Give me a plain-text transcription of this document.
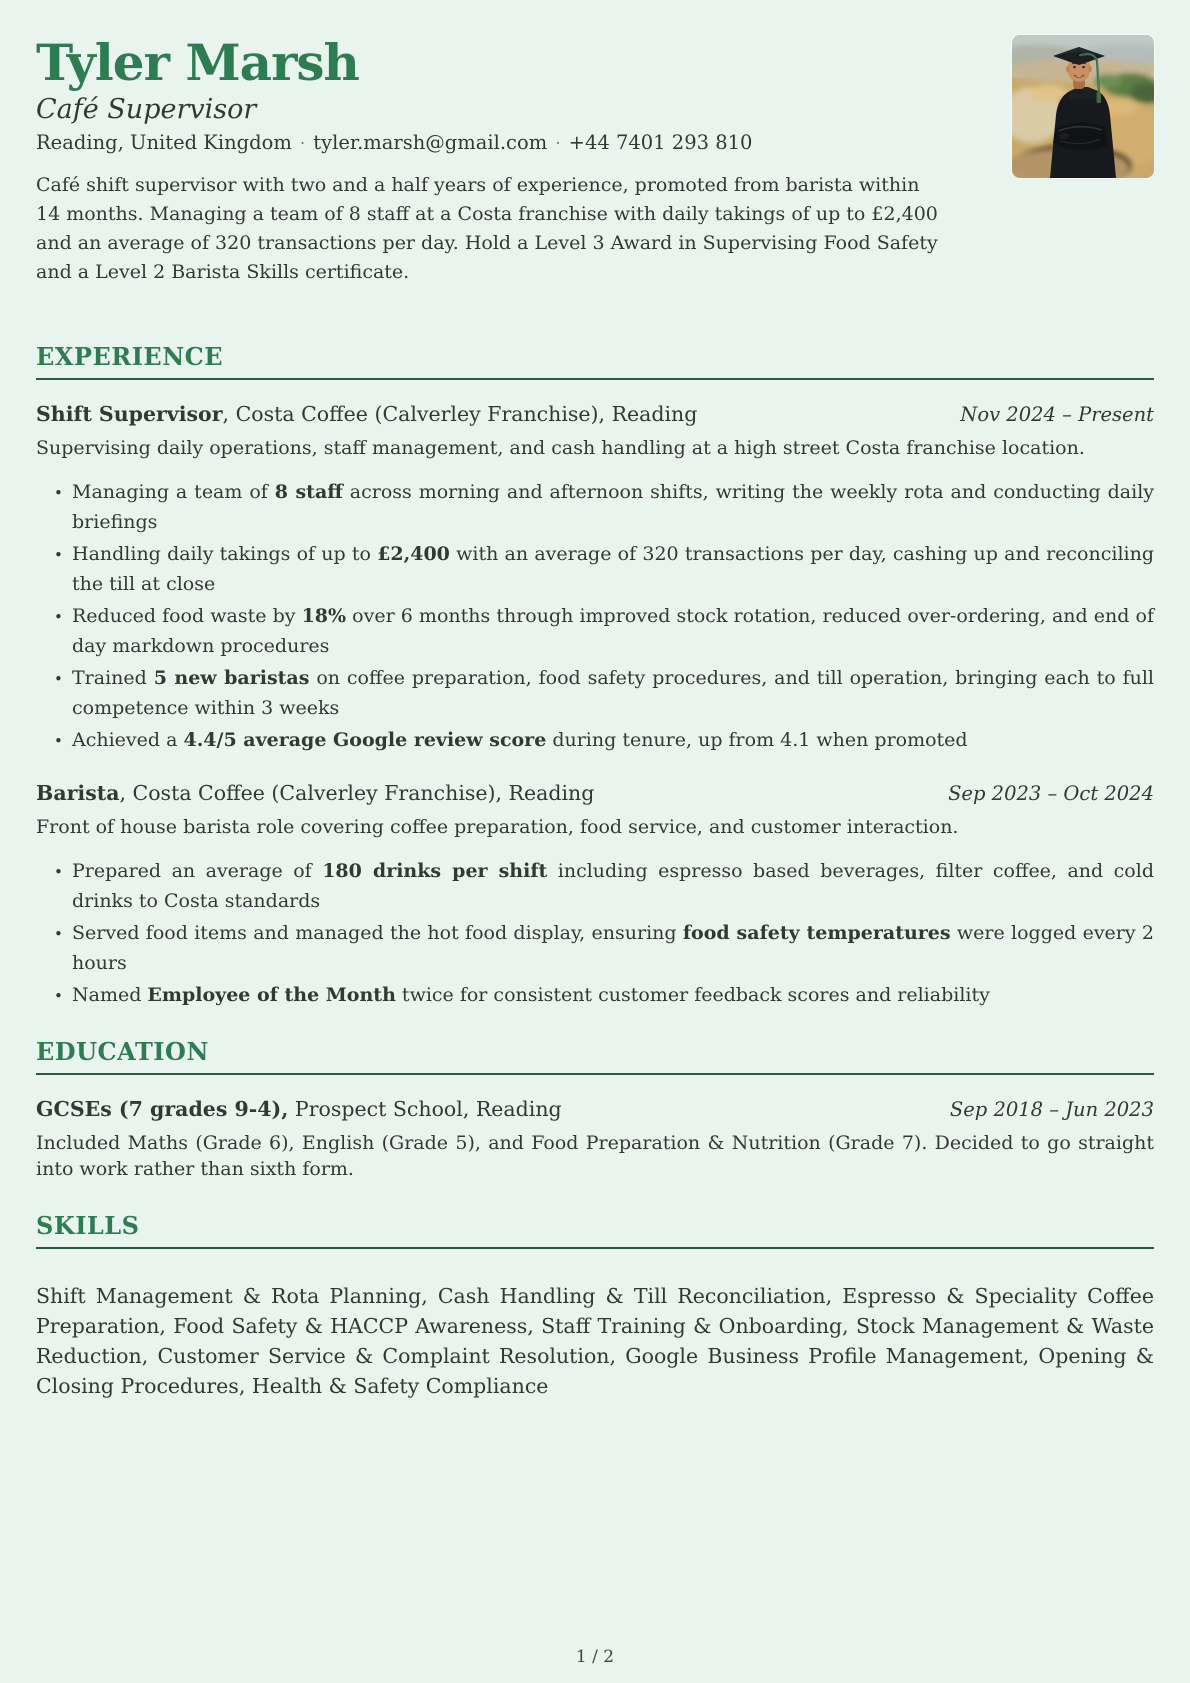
Tyler Marsh
Café Supervisor
Reading, United Kingdom · tyler.marsh@gmail.com · +44 7401 293 810

Café shift supervisor with two and a half years of experience, promoted from barista within 14 months. Managing a team of 8 staff at a Costa franchise with daily takings of up to £2,400 and an average of 320 transactions per day. Hold a Level 3 Award in Supervising Food Safety and a Level 2 Barista Skills certificate.

EXPERIENCE
Shift Supervisor, Costa Coffee (Calverley Franchise), Reading	Nov 2024 – Present

Supervising daily operations, staff management, and cash handling at a high street Costa franchise location.

• Managing a team of 8 staff across morning and afternoon shifts, writing the weekly rota and conducting daily briefings
• Handling daily takings of up to £2,400 with an average of 320 transactions per day, cashing up and reconciling the till at close
• Reduced food waste by 18% over 6 months through improved stock rotation, reduced over-ordering, and end of day markdown procedures
• Trained 5 new baristas on coffee preparation, food safety procedures, and till operation, bringing each to full competence within 3 weeks
• Achieved a 4.4/5 average Google review score during tenure, up from 4.1 when promoted
Barista, Costa Coffee (Calverley Franchise), Reading	Sep 2023 – Oct 2024

Front of house barista role covering coffee preparation, food service, and customer interaction.

• Prepared an average of 180 drinks per shift including espresso based beverages, filter coffee, and cold drinks to Costa standards
• Served food items and managed the hot food display, ensuring food safety temperatures were logged every 2 hours
• Named Employee of the Month twice for consistent customer feedback scores and reliability
EDUCATION
GCSEs (7 grades 9-4), Prospect School, Reading	Sep 2018 – Jun 2023

Included Maths (Grade 6), English (Grade 5), and Food Preparation & Nutrition (Grade 7). Decided to go straight into work rather than sixth form.

SKILLS

Shift Management & Rota Planning, Cash Handling & Till Reconciliation, Espresso & Speciality Coffee Preparation, Food Safety & HACCP Awareness, Staff Training & Onboarding, Stock Management & Waste Reduction, Customer Service & Complaint Resolution, Google Business Profile Management, Opening & Closing Procedures, Health & Safety Compliance

1 / 2
